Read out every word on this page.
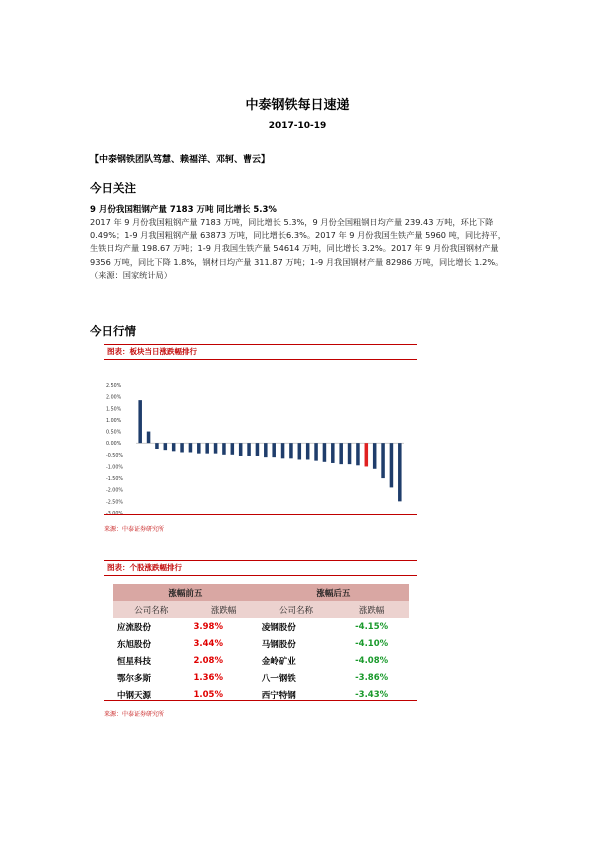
中泰钢铁每日速递
2017-10-19
【中泰钢铁团队笃慧、赖福洋、邓轲、曹云】
今日关注
9 月份我国粗钢产量 7183 万吨 同比增长 5.3%

2017 年 9 月份我国粗钢产量 7183 万吨，同比增长 5.3%，9 月份全国粗钢日均产量 239.43 万吨，环比下降 0.49%；1-9 月我国粗钢产量 63873 万吨，同比增长6.3%。2017 年 9 月份我国生铁产量 5960 吨，同比持平，生铁日均产量 198.67 万吨；1-9 月我国生铁产量 54614 万吨，同比增长 3.2%。2017 年 9 月份我国钢材产量 9356 万吨，同比下降 1.8%，钢材日均产量 311.87 万吨；1-9 月我国钢材产量 82986 万吨，同比增长 1.2%。

（来源：国家统计局）

今日行情
图表：板块当日涨跌幅排行
2.50%
2.00%
1.50%
1.00%
0.50%
0.00%
-0.50%
-1.00%
-1.50%
-2.00%
-2.50%
-3.00%
来源：中泰证券研究所
图表：个股涨跌幅排行
涨幅前五		涨幅后五	
公司名称	涨跌幅	公司名称	涨跌幅
应流股份	3.98%	凌钢股份	-4.15%
东旭股份	3.44%	马钢股份	-4.10%
恒星科技	2.08%	金岭矿业	-4.08%
鄂尔多斯	1.36%	八一钢铁	-3.86%
中钢天源	1.05%	西宁特钢	-3.43%
来源：中泰证券研究所
